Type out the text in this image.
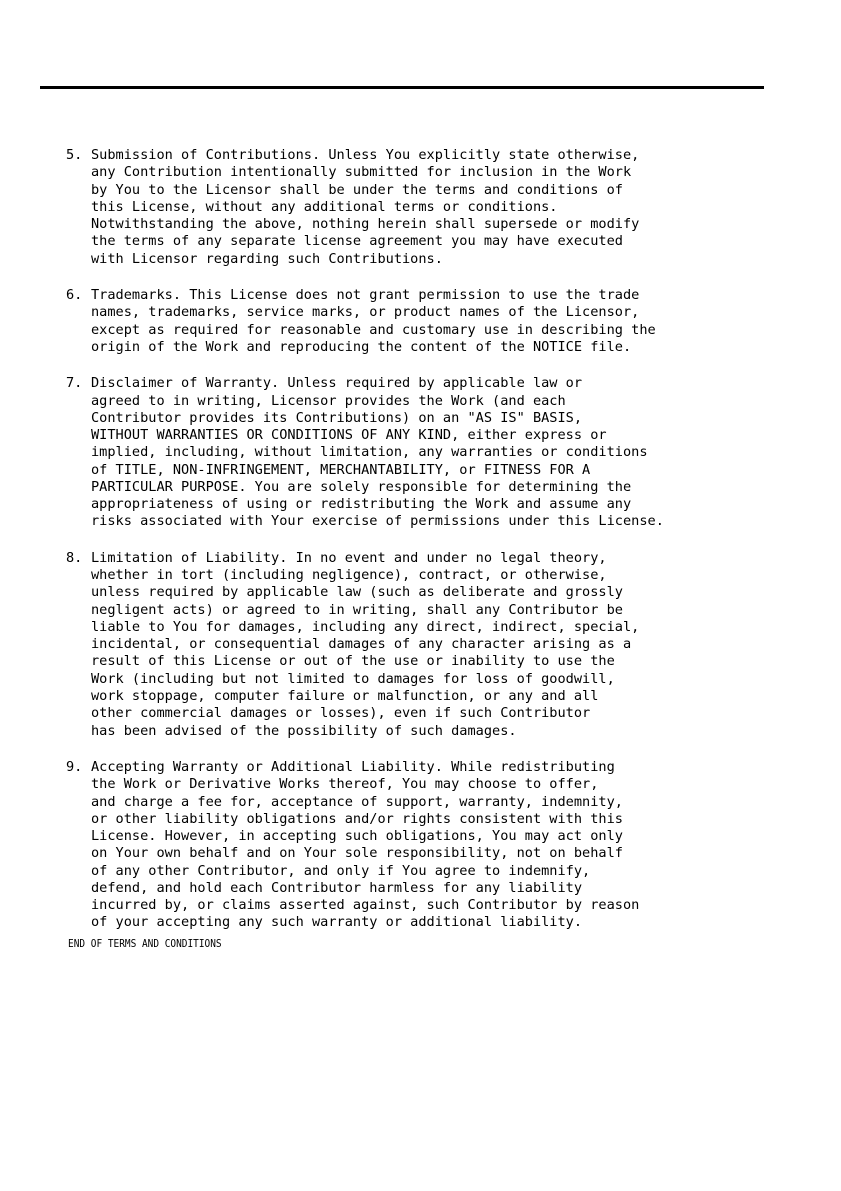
5. Submission of Contributions. Unless You explicitly state otherwise,
any Contribution intentionally submitted for inclusion in the Work
by You to the Licensor shall be under the terms and conditions of
this License, without any additional terms or conditions.
Notwithstanding the above, nothing herein shall supersede or modify
the terms of any separate license agreement you may have executed
with Licensor regarding such Contributions.
6. Trademarks. This License does not grant permission to use the trade
names, trademarks, service marks, or product names of the Licensor,
except as required for reasonable and customary use in describing the
origin of the Work and reproducing the content of the NOTICE file.
7. Disclaimer of Warranty. Unless required by applicable law or
agreed to in writing, Licensor provides the Work (and each
Contributor provides its Contributions) on an "AS IS" BASIS,
WITHOUT WARRANTIES OR CONDITIONS OF ANY KIND, either express or
implied, including, without limitation, any warranties or conditions
of TITLE, NON-INFRINGEMENT, MERCHANTABILITY, or FITNESS FOR A
PARTICULAR PURPOSE. You are solely responsible for determining the
appropriateness of using or redistributing the Work and assume any
risks associated with Your exercise of permissions under this License.
8. Limitation of Liability. In no event and under no legal theory,
whether in tort (including negligence), contract, or otherwise,
unless required by applicable law (such as deliberate and grossly
negligent acts) or agreed to in writing, shall any Contributor be
liable to You for damages, including any direct, indirect, special,
incidental, or consequential damages of any character arising as a
result of this License or out of the use or inability to use the
Work (including but not limited to damages for loss of goodwill,
work stoppage, computer failure or malfunction, or any and all
other commercial damages or losses), even if such Contributor
has been advised of the possibility of such damages.
9. Accepting Warranty or Additional Liability. While redistributing
the Work or Derivative Works thereof, You may choose to offer,
and charge a fee for, acceptance of support, warranty, indemnity,
or other liability obligations and/or rights consistent with this
License. However, in accepting such obligations, You may act only
on Your own behalf and on Your sole responsibility, not on behalf
of any other Contributor, and only if You agree to indemnify,
defend, and hold each Contributor harmless for any liability
incurred by, or claims asserted against, such Contributor by reason
of your accepting any such warranty or additional liability.
END OF TERMS AND CONDITIONS
